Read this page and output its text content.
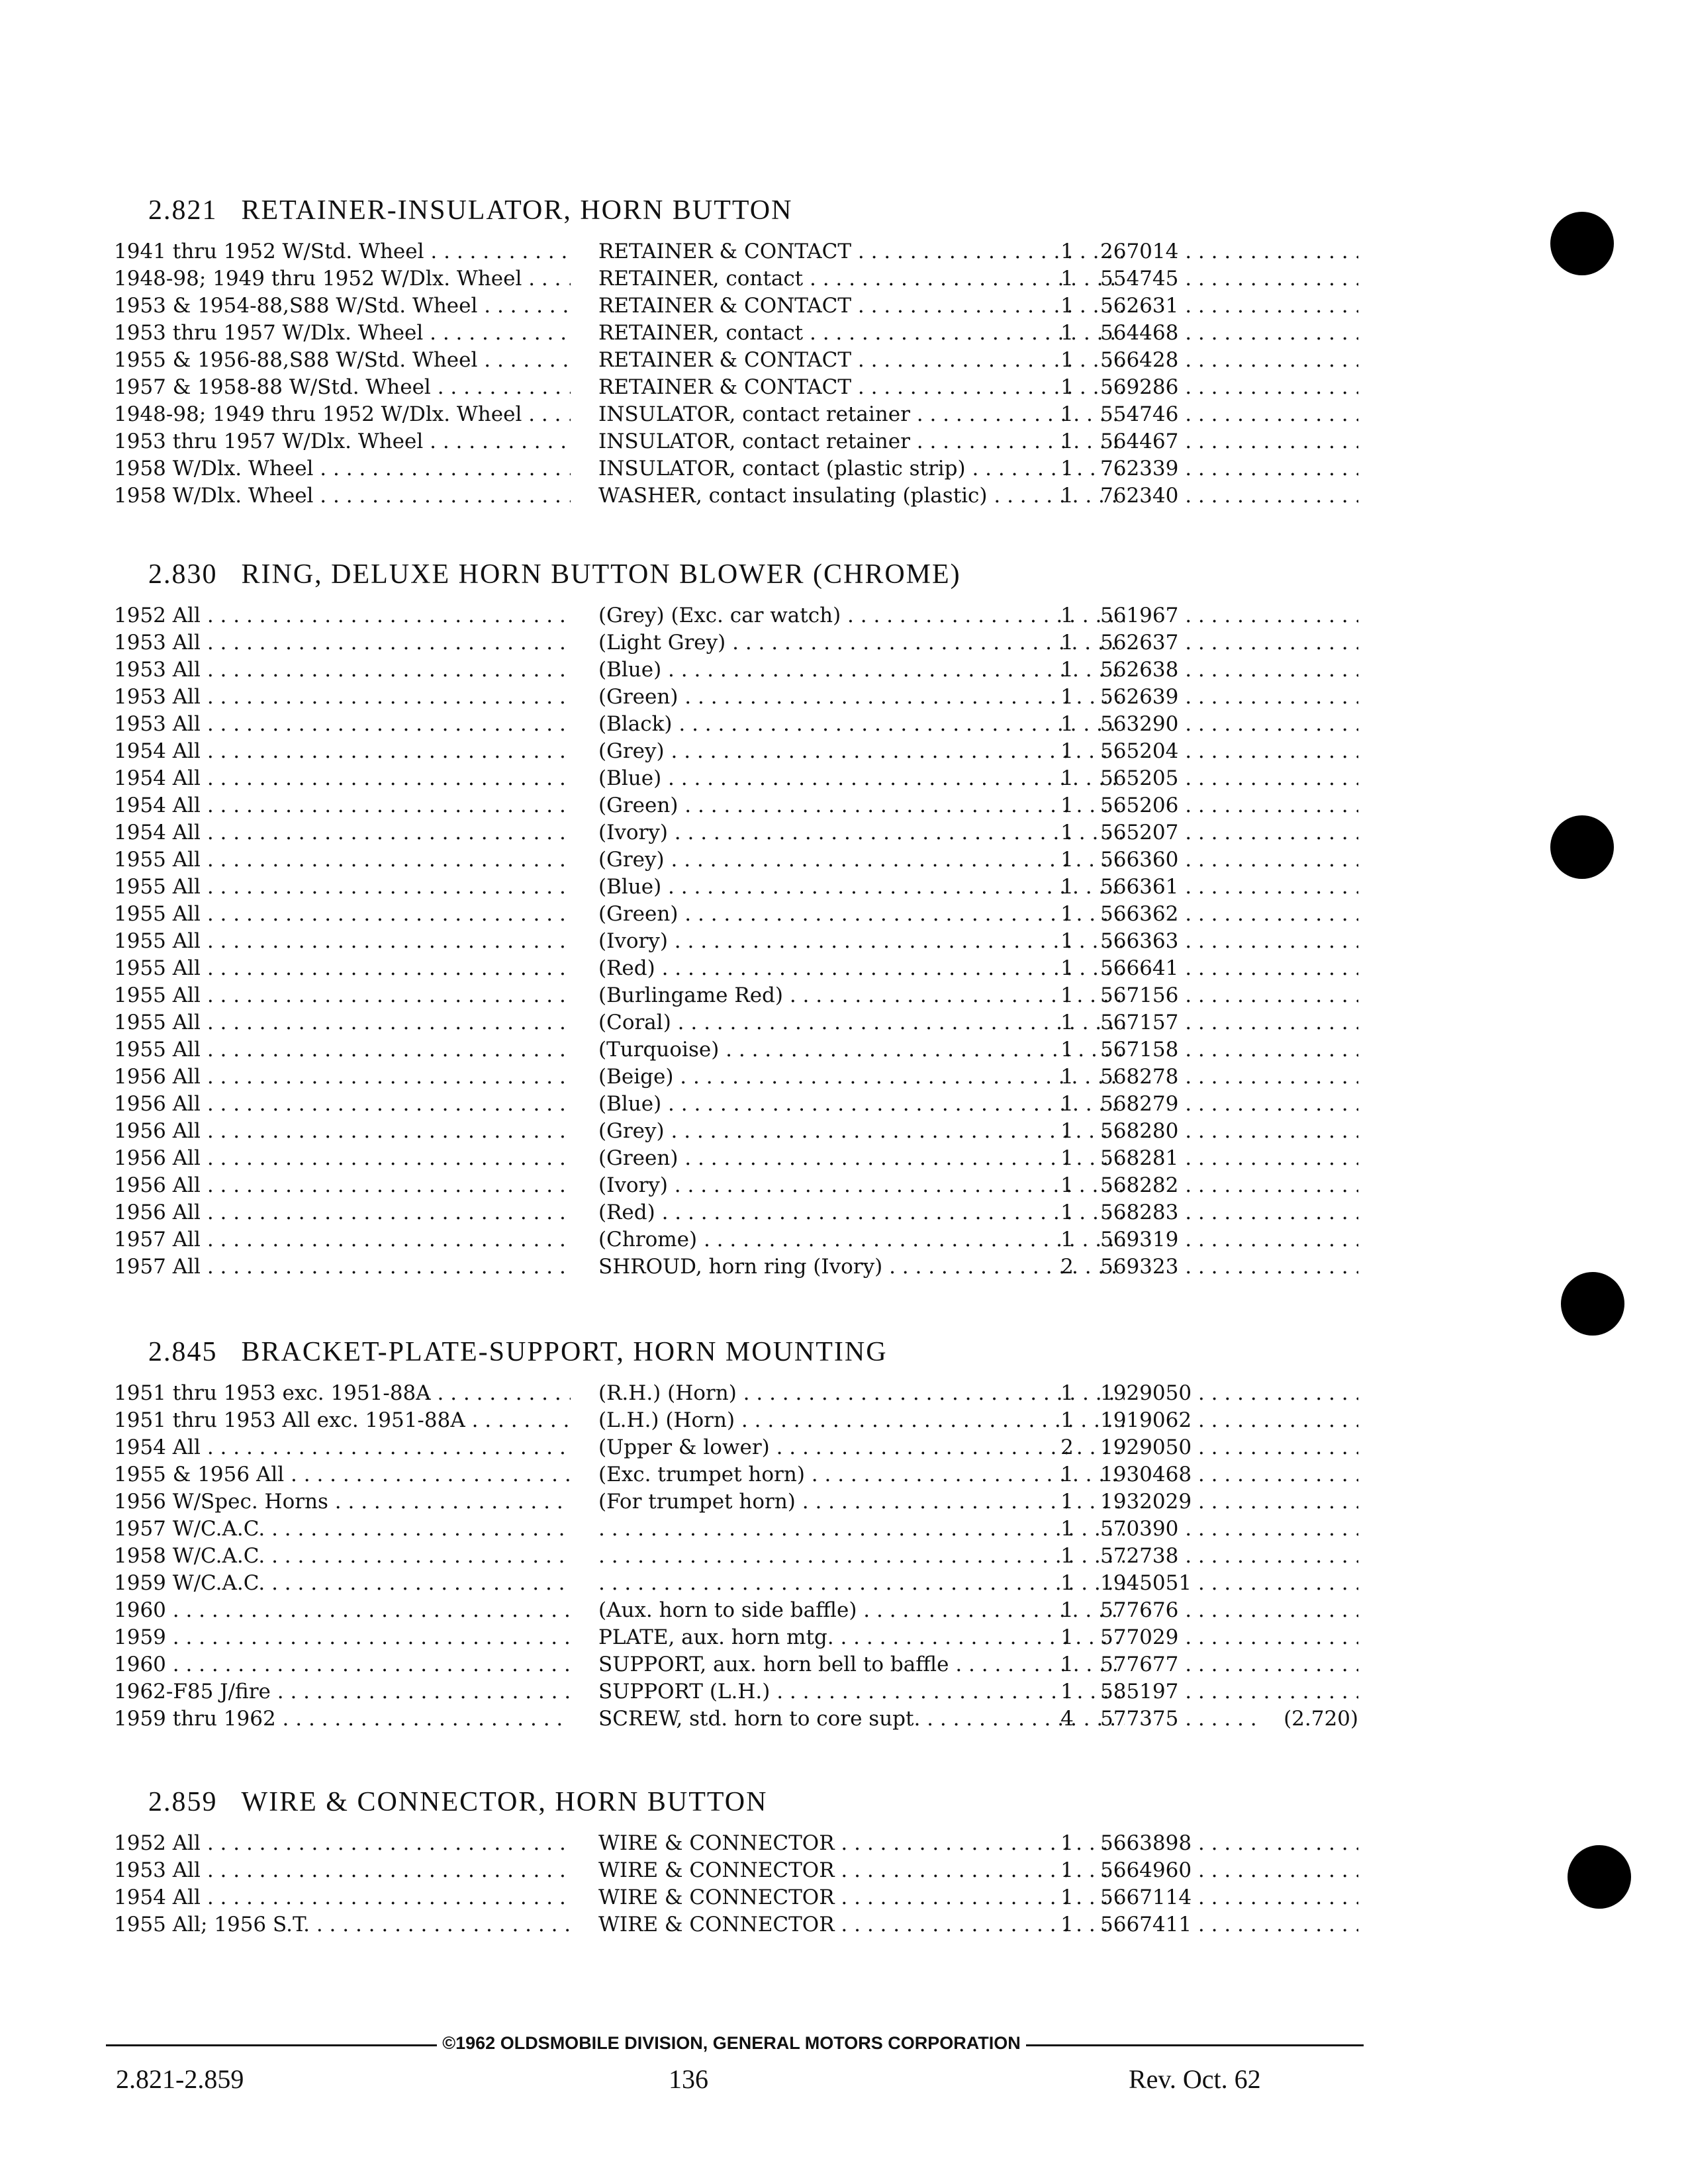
2.821 RETAINER-INSULATOR, HORN BUTTON
1941 thru 1952 W/Std. Wheel . . .	RETAINER & CONTACT . . .	1	267014 . . .
1948-98; 1949 thru 1952 W/Dlx. Wheel . . .	RETAINER, contact . . .	1	554745 . . .
1953 & 1954-88,S88 W/Std. Wheel . . .	RETAINER & CONTACT . . .	1	562631 . . .
1953 thru 1957 W/Dlx. Wheel . . .	RETAINER, contact . . .	1	564468 . . .
1955 & 1956-88,S88 W/Std. Wheel . . .	RETAINER & CONTACT . . .	1	566428 . . .
1957 & 1958-88 W/Std. Wheel . . .	RETAINER & CONTACT . . .	1	569286 . . .
1948-98; 1949 thru 1952 W/Dlx. Wheel . . .	INSULATOR, contact retainer . . .	1	554746 . . .
1953 thru 1957 W/Dlx. Wheel . . .	INSULATOR, contact retainer . . .	1	564467 . . .
1958 W/Dlx. Wheel . . .	INSULATOR, contact (plastic strip) . . .	1	762339 . . .
1958 W/Dlx. Wheel . . .	WASHER, contact insulating (plastic) . . .	1	762340 . . .
2.830 RING, DELUXE HORN BUTTON BLOWER (CHROME)
1952 All . . .	(Grey) (Exc. car watch) . . .	1	561967 . . .
1953 All . . .	(Light Grey) . . .	1	562637 . . .
1953 All . . .	(Blue) . . .	1	562638 . . .
1953 All . . .	(Green) . . .	1	562639 . . .
1953 All . . .	(Black) . . .	1	563290 . . .
1954 All . . .	(Grey) . . .	1	565204 . . .
1954 All . . .	(Blue) . . .	1	565205 . . .
1954 All . . .	(Green) . . .	1	565206 . . .
1954 All . . .	(Ivory) . . .	1	565207 . . .
1955 All . . .	(Grey) . . .	1	566360 . . .
1955 All . . .	(Blue) . . .	1	566361 . . .
1955 All . . .	(Green) . . .	1	566362 . . .
1955 All . . .	(Ivory) . . .	1	566363 . . .
1955 All . . .	(Red) . . .	1	566641 . . .
1955 All . . .	(Burlingame Red) . . .	1	567156 . . .
1955 All . . .	(Coral) . . .	1	567157 . . .
1955 All . . .	(Turquoise) . . .	1	567158 . . .
1956 All . . .	(Beige) . . .	1	568278 . . .
1956 All . . .	(Blue) . . .	1	568279 . . .
1956 All . . .	(Grey) . . .	1	568280 . . .
1956 All . . .	(Green) . . .	1	568281 . . .
1956 All . . .	(Ivory) . . .	1	568282 . . .
1956 All . . .	(Red) . . .	1	568283 . . .
1957 All . . .	(Chrome) . . .	1	569319 . . .
1957 All . . .	SHROUD, horn ring (Ivory) . . .	2	569323 . . .
2.845 BRACKET-PLATE-SUPPORT, HORN MOUNTING
1951 thru 1953 exc. 1951-88A . . .	(R.H.) (Horn) . . .	1	1929050 . . .
1951 thru 1953 All exc. 1951-88A . . .	(L.H.) (Horn) . . .	1	1919062 . . .
1954 All . . .	(Upper & lower) . . .	2	1929050 . . .
1955 & 1956 All . . .	(Exc. trumpet horn) . . .	1	1930468 . . .
1956 W/Spec. Horns . . .	(For trumpet horn) . . .	1	1932029 . . .
1957 W/C.A.C. . . . . . .	1	570390 . . .
1958 W/C.A.C. . . . . . .	1	572738 . . .
1959 W/C.A.C. . . . . . .	1	1945051 . . .
1960 . . .	(Aux. horn to side baffle) . . .	1	577676 . . .
1959 . . .	PLATE, aux. horn mtg. . . .	1	577029 . . .
1960 . . .	SUPPORT, aux. horn bell to baffle . . .	1	577677 . . .
1962-F85 J/fire . . .	SUPPORT (L.H.) . . .	1	585197 . . .
1959 thru 1962 . . .	SCREW, std. horn to core supt. . . .	4	577375 . . .	(2.720)
2.859 WIRE & CONNECTOR, HORN BUTTON
1952 All . . .	WIRE & CONNECTOR . . .	1	5663898 . . .
1953 All . . .	WIRE & CONNECTOR . . .	1	5664960 . . .
1954 All . . .	WIRE & CONNECTOR . . .	1	5667114 . . .
1955 All; 1956 S.T. . . .	WIRE & CONNECTOR . . .	1	5667411 . . .
©1962 OLDSMOBILE DIVISION, GENERAL MOTORS CORPORATION
2.821-2.859	136	Rev. Oct. 62
